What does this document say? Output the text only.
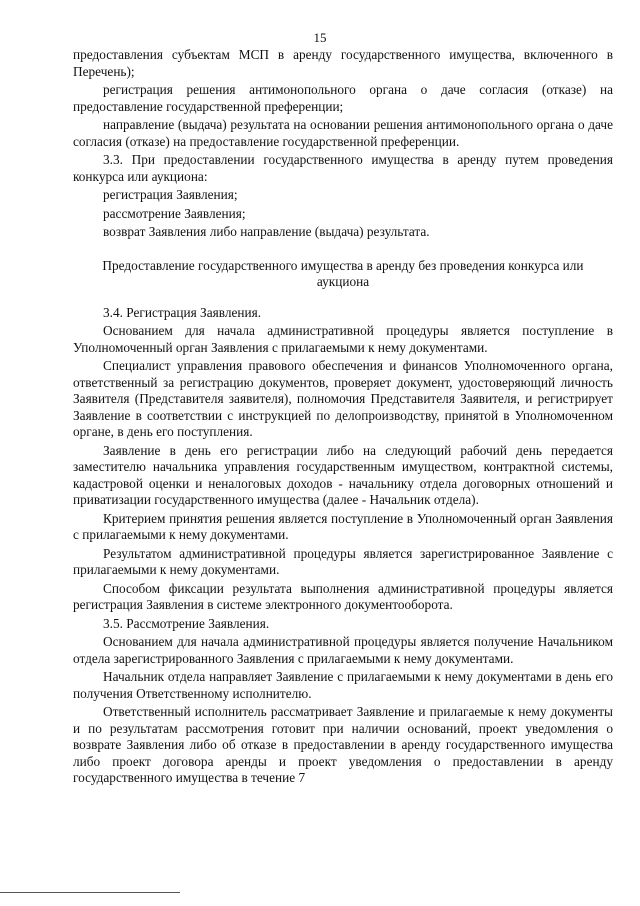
15

предоставления субъектам МСП в аренду государственного имущества, включенного в Перечень);

регистрация решения антимонопольного органа о даче согласия (отказе) на предоставление государственной преференции;

направление (выдача) результата на основании решения антимонопольного органа о даче согласия (отказе) на предоставление государственной преференции.

3.3. При предоставлении государственного имущества в аренду путем проведения конкурса или аукциона:

регистрация Заявления;

рассмотрение Заявления;

возврат Заявления либо направление (выдача) результата.

Предоставление государственного имущества в аренду без проведения конкурса или аукциона

3.4. Регистрация Заявления.

Основанием для начала административной процедуры является поступление в Уполномоченный орган Заявления с прилагаемыми к нему документами.

Специалист управления правового обеспечения и финансов Уполномоченного органа, ответственный за регистрацию документов, проверяет документ, удостоверяющий личность Заявителя (Представителя заявителя), полномочия Представителя Заявителя, и регистрирует Заявление в соответствии с инструкцией по делопроизводству, принятой в Уполномоченном органе, в день его поступления.

Заявление в день его регистрации либо на следующий рабочий день передается заместителю начальника управления государственным имуществом, контрактной системы, кадастровой оценки и неналоговых доходов - начальнику отдела договорных отношений и приватизации государственного имущества (далее - Начальник отдела).

Критерием принятия решения является поступление в Уполномоченный орган Заявления с прилагаемыми к нему документами.

Результатом административной процедуры является зарегистрированное Заявление с прилагаемыми к нему документами.

Способом фиксации результата выполнения административной процедуры является регистрация Заявления в системе электронного документооборота.

3.5. Рассмотрение Заявления.

Основанием для начала административной процедуры является получение Начальником отдела зарегистрированного Заявления с прилагаемыми к нему документами.

Начальник отдела направляет Заявление с прилагаемыми к нему документами в день его получения Ответственному исполнителю.

Ответственный исполнитель рассматривает Заявление и прилагаемые к нему документы и по результатам рассмотрения готовит при наличии оснований, проект уведомления о возврате Заявления либо об отказе в предоставлении в аренду государственного имущества либо проект договора аренды и проект уведомления о предоставлении в аренду государственного имущества в течение 7
